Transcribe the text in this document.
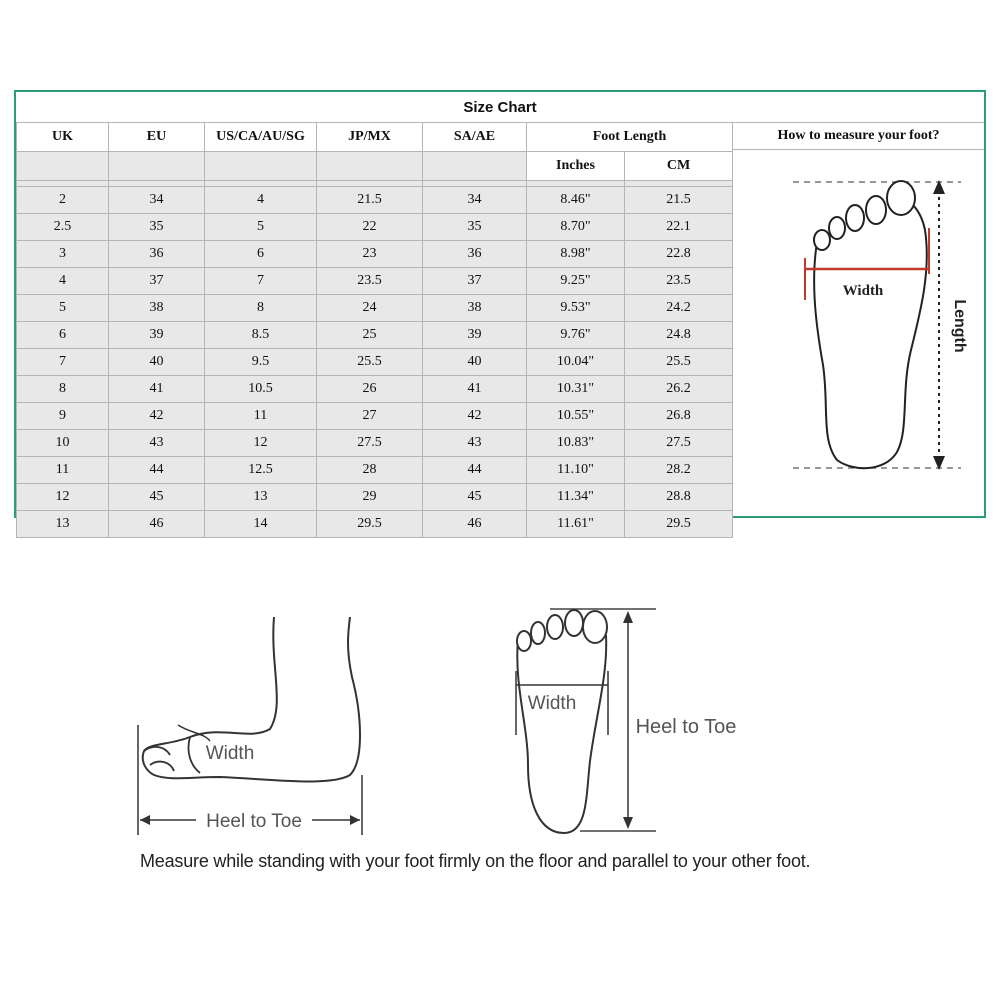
Size Chart
UK	EU	US/CA/AU/SG	JP/MX	SA/AE	Foot Length	
					Inches	CM

2	34	4	21.5	34	8.46"	21.5
2.5	35	5	22	35	8.70"	22.1
3	36	6	23	36	8.98"	22.8
4	37	7	23.5	37	9.25"	23.5
5	38	8	24	38	9.53"	24.2
6	39	8.5	25	39	9.76"	24.8
7	40	9.5	25.5	40	10.04"	25.5
8	41	10.5	26	41	10.31"	26.2
9	42	11	27	42	10.55"	26.8
10	43	12	27.5	43	10.83"	27.5
11	44	12.5	28	44	11.10"	28.2
12	45	13	29	45	11.34"	28.8
13	46	14	29.5	46	11.61"	29.5
How to measure your foot?
Width
Length
Width
Heel to Toe
Width
Heel to Toe
Measure while standing with your foot firmly on the floor and parallel to your other foot.
